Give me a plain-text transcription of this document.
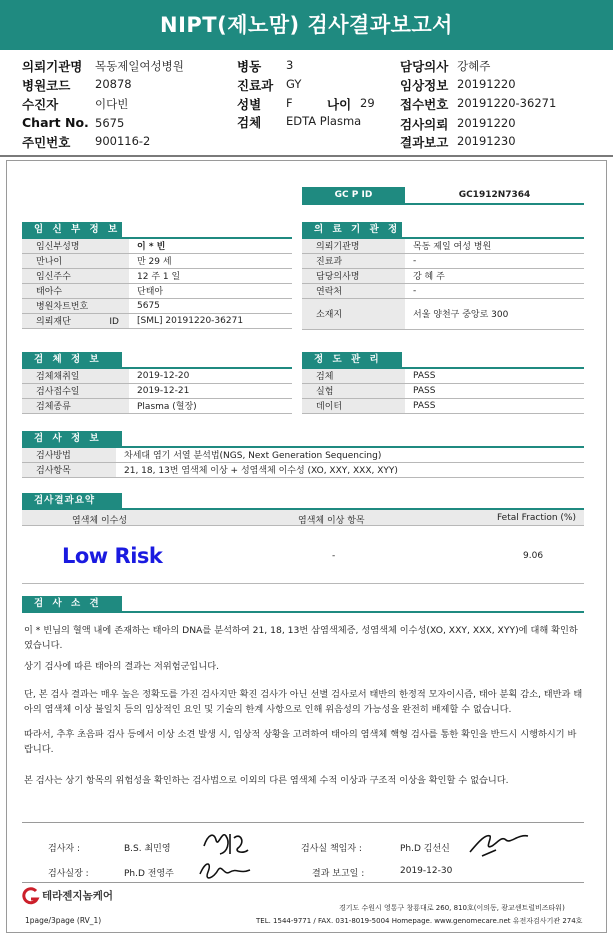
NIPT(제노맘) 검사결과보고서
의뢰기관명 목동제일여성병원
병원코드 20878
수진자	이다빈
Chart No. 5675
주민번호 900116-2
병동 3
진료과 GY
성별 F	나이 29
검체 EDTA Plasma
담당의사 강혜주
임상정보 20191220
접수번호 20191220-36271
검사의뢰 20191220
결과보고 20191230
GC P ID	GC1912N7364
임 신 부 정 보
임신부성명	이 * 빈
만나이	만 29 세
임신주수	12 주 1 일
태아수	단태아
병원차트번호	5675
의뢰재단 ID	[SML] 20191220-36271
의 료 기 관 정 보
의뢰기관명	목동 제일 여성 병원
진료과	-
담당의사명	강 혜 주
연락처	-
소재지	서울 양천구 중앙로 300
검 체 정 보
검체채취일	2019-12-20
검사접수일	2019-12-21
검체종류	Plasma (혈장)
정 도 관 리
검체	PASS
실험	PASS
데이터	PASS
검 사 정 보
검사방법	차세대 염기 서열 분석법(NGS, Next Generation Sequencing)
검사항목	21, 18, 13번 염색체 이상 + 성염색체 이수성 (XO, XXY, XXX, XYY)
검사결과요약
염색체 이수성	염색체 이상 항목	Fetal Fraction (%)
Low Risk	-	9.06
검 사 소 견
이 * 빈님의 혈액 내에 존재하는 태아의 DNA를 분석하여 21, 18, 13번 삼염색체증, 성염색체 이수성(XO, XXY, XXX, XYY)에 대해 확인하였습니다.
상기 검사에 따른 태아의 결과는 저위험군입니다.
단, 본 검사 결과는 매우 높은 정확도를 가진 검사지만 확진 검사가 아닌 선별 검사로서 태반의 한정적 모자이시즘, 태아 분획 감소, 태반과 태아의 염색체 이상 불일치 등의 임상적인 요인 및 기술의 한계 사항으로 인해 위음성의 가능성을 완전히 배제할 수 없습니다.
따라서, 추후 초음파 검사 등에서 이상 소견 발생 시, 임상적 상황을 고려하여 태아의 염색체 핵형 검사를 통한 확인을 반드시 시행하시기 바랍니다.
본 검사는 상기 항목의 위험성을 확인하는 검사법으로 이외의 다른 염색체 수적 이상과 구조적 이상을 확인할 수 없습니다.
검사자 :	B.S. 최민영
검사실장 :	Ph.D 전영주
검사실 책임자 :	Ph.D 김선신
결과 보고일 :	2019-12-30
테라젠지놈케어
1page/3page (RV_1)
경기도 수원시 영통구 창룡대로 260, 810호(이의동, 광교센트럴비즈타워)
TEL. 1544-9771 / FAX. 031-8019-5004 Homepage. www.genomecare.net 유전자검사기관 274호
